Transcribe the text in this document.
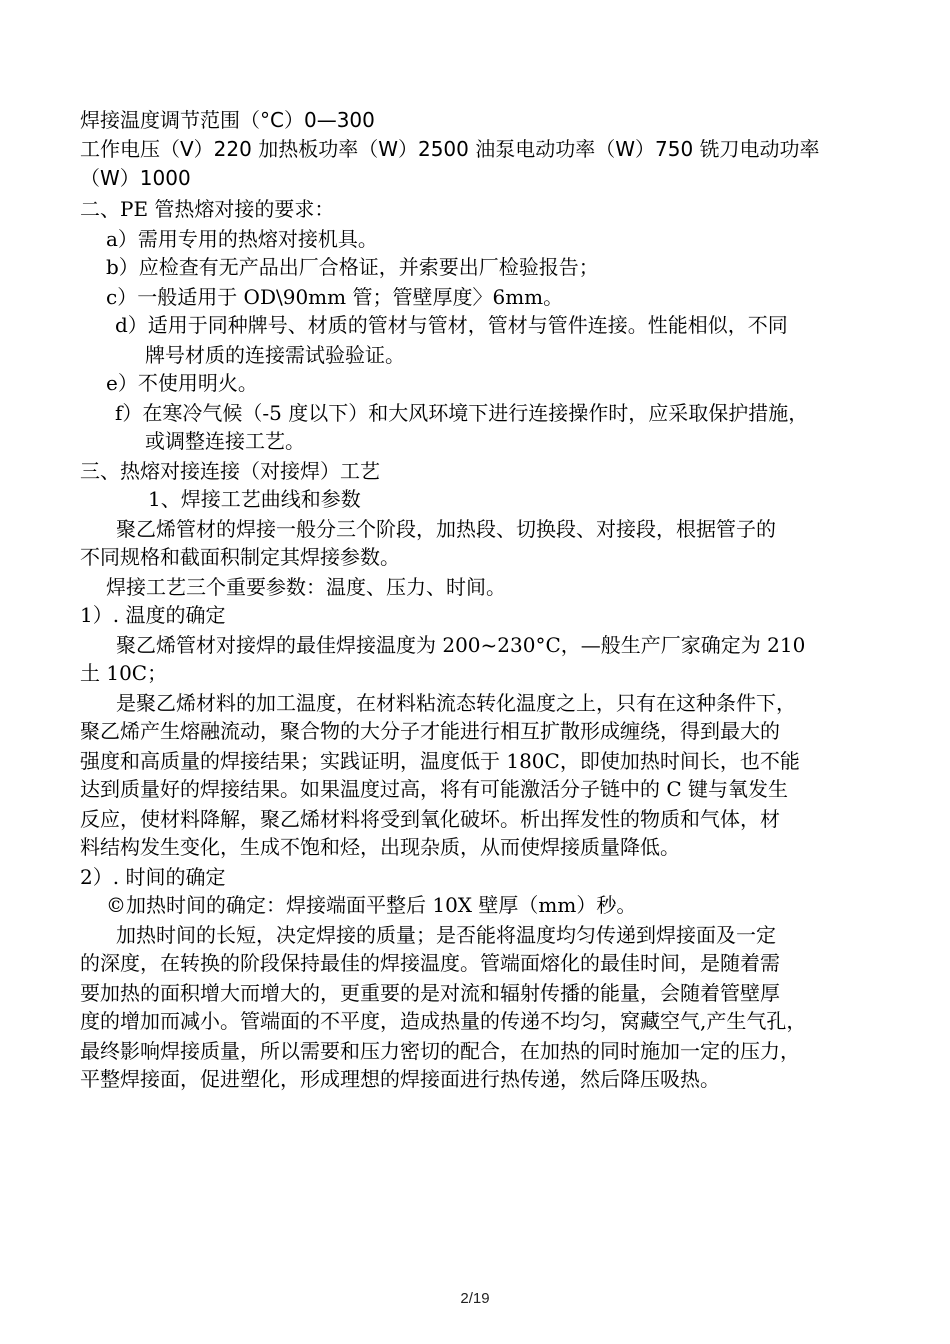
焊接温度调节范围（°C）0—300
工作电压（V）220 加热板功率（W）2500 油泵电动功率（W）750 铣刀电动功率
（W）1000
二、PE 管热熔对接的要求：
a）需用专用的热熔对接机具。
b）应检查有无产品出厂合格证，并索要出厂检验报告；
c）一般适用于 OD\90mm 管；管壁厚度〉6mm。
d）适用于同种牌号、材质的管材与管材，管材与管件连接。性能相似，不同
牌号材质的连接需试验验证。
e）不使用明火。
f）在寒冷气候（-5 度以下）和大风环境下进行连接操作时，应采取保护措施，
或调整连接工艺。
三、热熔对接连接（对接焊）工艺
1、焊接工艺曲线和参数
聚乙烯管材的焊接一般分三个阶段，加热段、切换段、对接段，根据管子的
不同规格和截面积制定其焊接参数。
焊接工艺三个重要参数：温度、压力、时间。
1）. 温度的确定
聚乙烯管材对接焊的最佳焊接温度为 200~230°C，—般生产厂家确定为 210
土 10C；
是聚乙烯材料的加工温度，在材料粘流态转化温度之上，只有在这种条件下，
聚乙烯产生熔融流动，聚合物的大分子才能进行相互扩散形成缠绕，得到最大的
强度和高质量的焊接结果；实践证明，温度低于 180C，即使加热时间长，也不能
达到质量好的焊接结果。如果温度过高，将有可能激活分子链中的 C 键与氧发生
反应，使材料降解，聚乙烯材料将受到氧化破坏。析出挥发性的物质和气体，材
料结构发生变化，生成不饱和烃，出现杂质，从而使焊接质量降低。
2）. 时间的确定
©加热时间的确定：焊接端面平整后 10X 壁厚（mm）秒。
加热时间的长短，决定焊接的质量；是否能将温度均匀传递到焊接面及一定
的深度，在转换的阶段保持最佳的焊接温度。管端面熔化的最佳时间，是随着需
要加热的面积增大而增大的，更重要的是对流和辐射传播的能量，会随着管壁厚
度的增加而减小。管端面的不平度，造成热量的传递不均匀，窝藏空气,产生气孔，
最终影响焊接质量，所以需要和压力密切的配合，在加热的同时施加一定的压力，
平整焊接面，促进塑化，形成理想的焊接面进行热传递，然后降压吸热。
2/19
